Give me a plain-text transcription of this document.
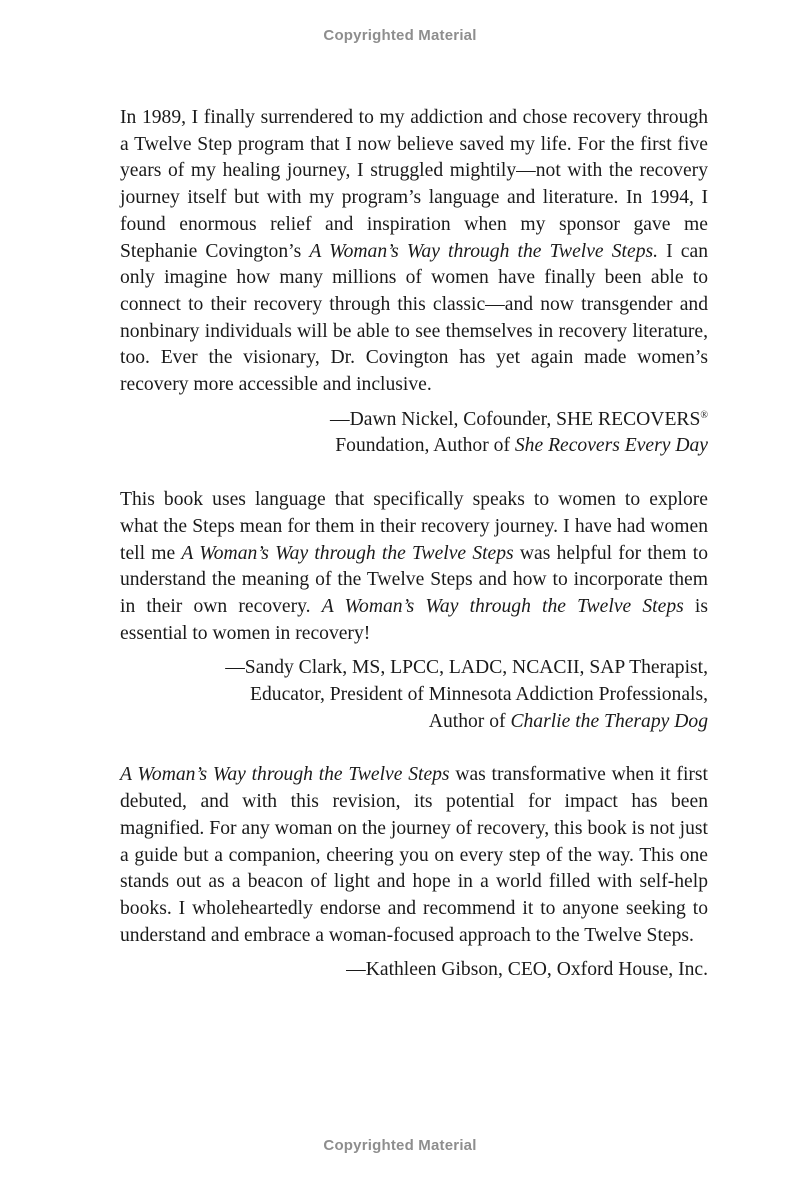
Copyrighted Material

In 1989, I finally surrendered to my addiction and chose recovery through a Twelve Step program that I now believe saved my life. For the first five years of my healing journey, I struggled mightily—not with the recovery journey itself but with my program’s language and literature. In 1994, I found enormous relief and inspiration when my sponsor gave me Stephanie Covington’s A Woman’s Way through the Twelve Steps. I can only imagine how many millions of women have finally been able to connect to their recovery through this classic—and now transgender and nonbinary individuals will be able to see themselves in recovery literature, too. Ever the visionary, Dr. Covington has yet again made women’s recovery more accessible and inclusive.

—Dawn Nickel, Cofounder, SHE RECOVERS®
Foundation, Author of She Recovers Every Day

This book uses language that specifically speaks to women to explore what the Steps mean for them in their recovery journey. I have had women tell me A Woman’s Way through the Twelve Steps was helpful for them to understand the meaning of the Twelve Steps and how to incorporate them in their own recovery. A Woman’s Way through the Twelve Steps is essential to women in recovery!

—Sandy Clark, MS, LPCC, LADC, NCACII, SAP Therapist,
Educator, President of Minnesota Addiction Professionals,
Author of Charlie the Therapy Dog

A Woman’s Way through the Twelve Steps was transformative when it first debuted, and with this revision, its potential for impact has been magnified. For any woman on the journey of recovery, this book is not just a guide but a companion, cheering you on every step of the way. This one stands out as a beacon of light and hope in a world filled with self-help books. I wholeheartedly endorse and recommend it to anyone seeking to understand and embrace a woman-focused approach to the Twelve Steps.

—Kathleen Gibson, CEO, Oxford House, Inc.

Copyrighted Material
